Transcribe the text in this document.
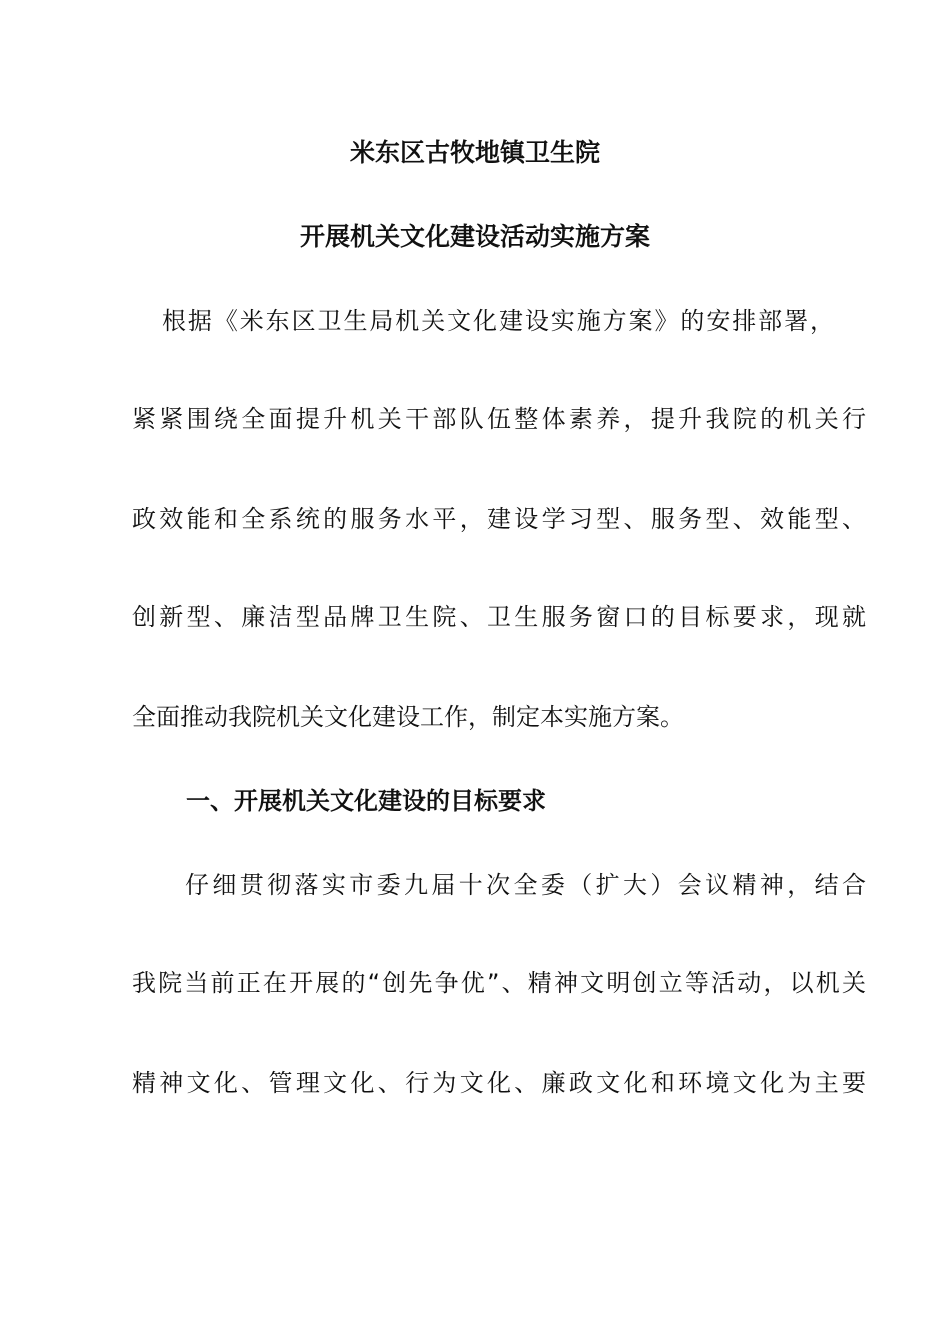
米东区古牧地镇卫生院
开展机关文化建设活动实施方案
根据《米东区卫生局机关文化建设实施方案》的安排部署，
紧紧围绕全面提升机关干部队伍整体素养，提升我院的机关行
政效能和全系统的服务水平，建设学习型、服务型、效能型、
创新型、廉洁型品牌卫生院、卫生服务窗口的目标要求，现就
全面推动我院机关文化建设工作，制定本实施方案。
一、开展机关文化建设的目标要求
仔细贯彻落实市委九届十次全委（扩大）会议精神，结合
我院当前正在开展的“创先争优”、精神文明创立等活动，以机关
精神文化、管理文化、行为文化、廉政文化和环境文化为主要
